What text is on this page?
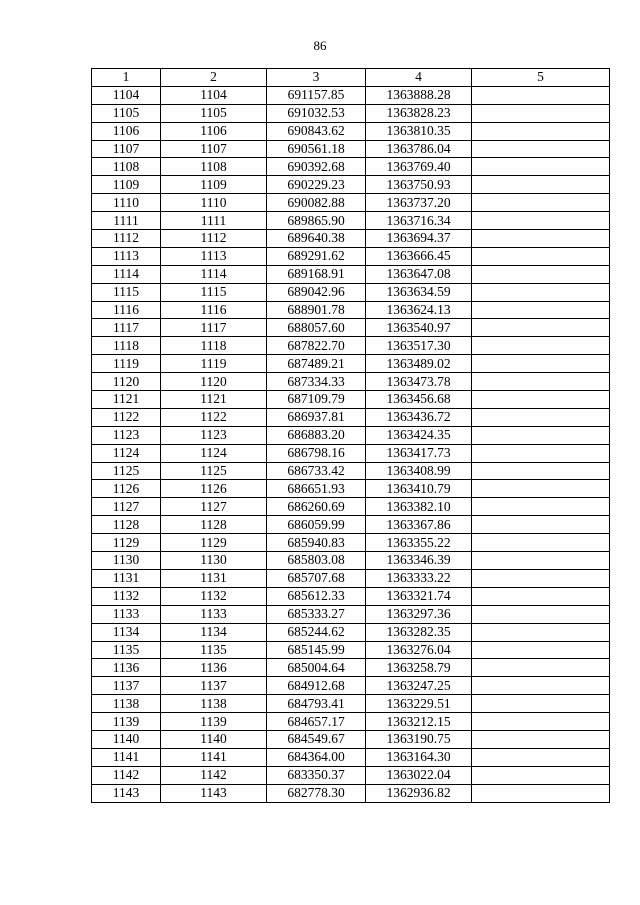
86
1	2	3	4	5
1104	1104	691157.85	1363888.28	
1105	1105	691032.53	1363828.23	
1106	1106	690843.62	1363810.35	
1107	1107	690561.18	1363786.04	
1108	1108	690392.68	1363769.40	
1109	1109	690229.23	1363750.93	
1110	1110	690082.88	1363737.20	
1111	1111	689865.90	1363716.34	
1112	1112	689640.38	1363694.37	
1113	1113	689291.62	1363666.45	
1114	1114	689168.91	1363647.08	
1115	1115	689042.96	1363634.59	
1116	1116	688901.78	1363624.13	
1117	1117	688057.60	1363540.97	
1118	1118	687822.70	1363517.30	
1119	1119	687489.21	1363489.02	
1120	1120	687334.33	1363473.78	
1121	1121	687109.79	1363456.68	
1122	1122	686937.81	1363436.72	
1123	1123	686883.20	1363424.35	
1124	1124	686798.16	1363417.73	
1125	1125	686733.42	1363408.99	
1126	1126	686651.93	1363410.79	
1127	1127	686260.69	1363382.10	
1128	1128	686059.99	1363367.86	
1129	1129	685940.83	1363355.22	
1130	1130	685803.08	1363346.39	
1131	1131	685707.68	1363333.22	
1132	1132	685612.33	1363321.74	
1133	1133	685333.27	1363297.36	
1134	1134	685244.62	1363282.35	
1135	1135	685145.99	1363276.04	
1136	1136	685004.64	1363258.79	
1137	1137	684912.68	1363247.25	
1138	1138	684793.41	1363229.51	
1139	1139	684657.17	1363212.15	
1140	1140	684549.67	1363190.75	
1141	1141	684364.00	1363164.30	
1142	1142	683350.37	1363022.04	
1143	1143	682778.30	1362936.82	
